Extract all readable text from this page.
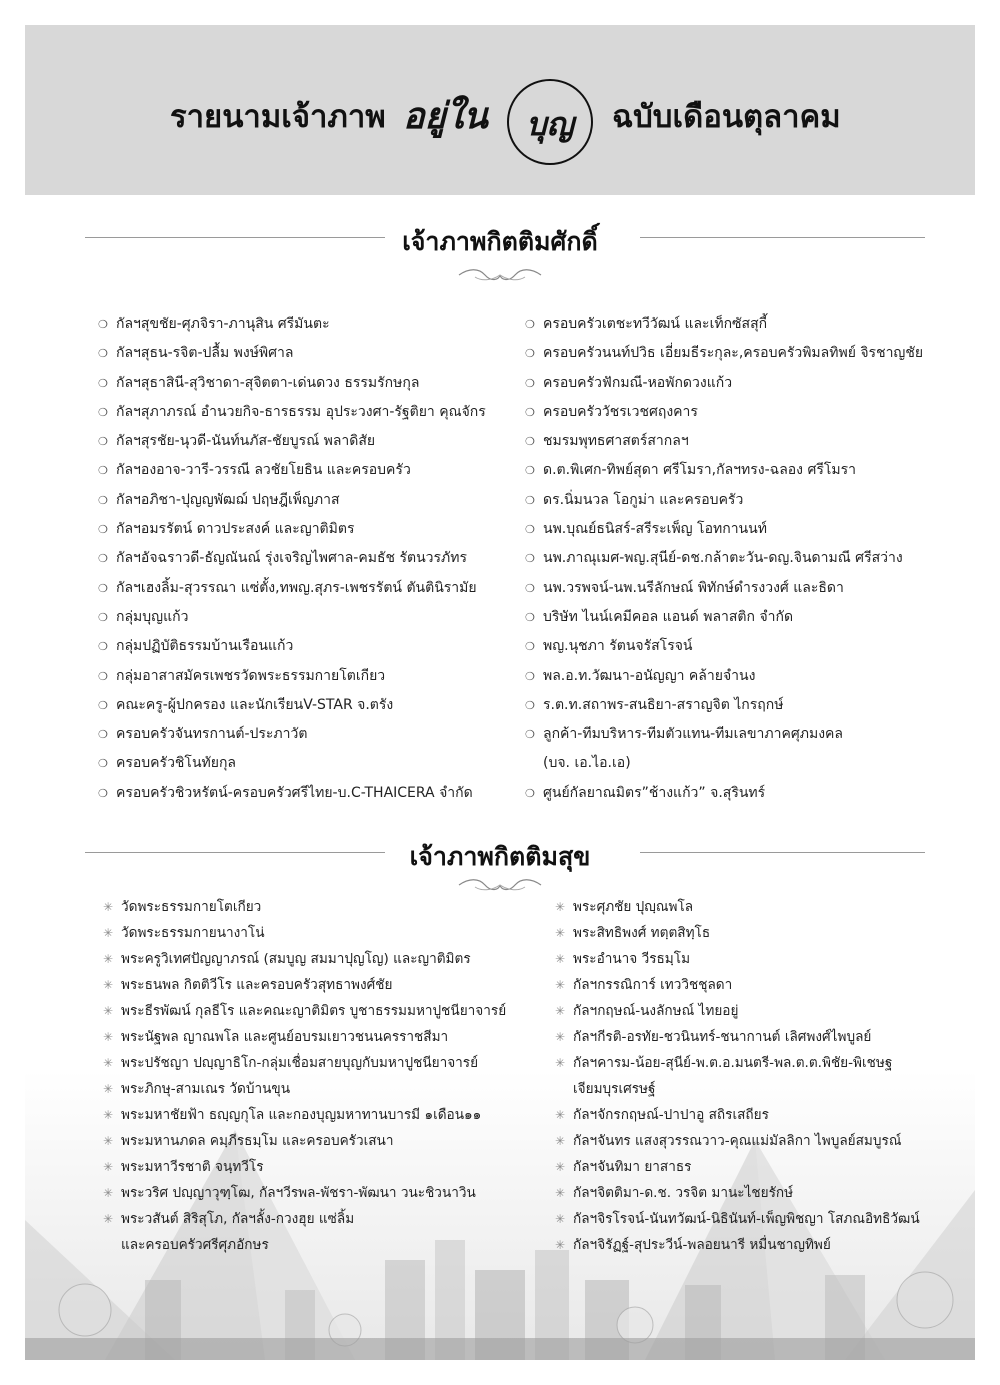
รายนามเจ้าภาพ อยู่ใน	บุญ	ฉบับเดือนตุลาคม
เจ้าภาพกิตติมศักดิ์
❍ กัลฯสุขชัย-ศุภจิรา-ภานุสิน ศรีมันตะ
❍ กัลฯสุธน-รจิต-ปลื้ม พงษ์พิศาล
❍ กัลฯสุธาสินี-สุวิชาดา-สุจิตตา-เด่นดวง ธรรมรักษกุล
❍ กัลฯสุภาภรณ์ อำนวยกิจ-ธารธรรม อุประวงศา-รัฐติยา คุณจักร
❍ กัลฯสุรชัย-นุวดี-นันท์นภัส-ชัยบูรณ์ พลาดิสัย
❍ กัลฯองอาจ-วารี-วรรณี ลวชัยโยธิน และครอบครัว
❍ กัลฯอภิชา-ปุญญพัฒฌ์ ปฤษฎีเพ็ญภาส
❍ กัลฯอมรรัตน์ ดาวประสงค์ และญาติมิตร
❍ กัลฯอัจฉราวดี-ธัญณันณ์ รุ่งเจริญไพศาล-คมธัช รัตนวรภัทร
❍ กัลฯเฮงลิ้ม-สุวรรณา แซ่ตั้ง,ทพญ.สุภร-เพชรรัตน์ ตันตินิรามัย
❍ กลุ่มบุญแก้ว
❍ กลุ่มปฏิบัติธรรมบ้านเรือนแก้ว
❍ กลุ่มอาสาสมัครเพชรวัดพระธรรมกายโตเกียว
❍ คณะครู-ผู้ปกครอง และนักเรียนV-STAR จ.ตรัง
❍ ครอบครัวจันทรกานต์-ประภาวัต
❍ ครอบครัวชิโนทัยกุล
❍ ครอบครัวชิวหรัตน์-ครอบครัวศรีไทย-บ.C-THAICERA จำกัด
❍ ครอบครัวเตชะทวีวัฒน์ และเท็กซัสสุกี้
❍ ครอบครัวนนท์ปวิธ เอี่ยมธีระกุละ,ครอบครัวพิมลทิพย์ จิรชาญชัย
❍ ครอบครัวฟักมณี-หอพักดวงแก้ว
❍ ครอบครัววัชรเวชศฤงคาร
❍ ชมรมพุทธศาสตร์สากลฯ
❍ ด.ต.พิเศก-ทิพย์สุดา ศรีโมรา,กัลฯทรง-ฉลอง ศรีโมรา
❍ ดร.นิ่มนวล โอกูม่า และครอบครัว
❍ นพ.บุณย์ธนิสร์-สรีระเพ็ญ โอทกานนท์
❍ นพ.ภาณุเมศ-พญ.สุนีย์-ดช.กล้าตะวัน-ดญ.จินดามณี ศรีสว่าง
❍ นพ.วรพจน์-นพ.นรีลักษณ์ พิทักษ์ดำรงวงศ์ และธิดา
❍ บริษัท ไนน์เคมีคอล แอนด์ พลาสติก จำกัด
❍ พญ.นุชภา รัตนจรัสโรจน์
❍ พล.อ.ท.วัฒนา-อนัญญา คล้ายจำนง
❍ ร.ต.ท.สถาพร-สนธิยา-สราญจิต ไกรฤกษ์
❍ ลูกค้า-ทีมบริหาร-ทีมตัวแทน-ทีมเลขาภาคศุภมงคล
(บจ. เอ.ไอ.เอ)
❍ ศูนย์กัลยาณมิตร”ช้างแก้ว” จ.สุรินทร์
เจ้าภาพกิตติมสุข
✳ วัดพระธรรมกายโตเกียว
✳ วัดพระธรรมกายนางาโน่
✳ พระครูวิเทศปัญญาภรณ์ (สมบูญ สมมาปุญโญ) และญาติมิตร
✳ พระธนพล กิตติวีโร และครอบครัวสุทธาพงศ์ชัย
✳ พระธีรพัฒน์ กุลธีโร และคณะญาติมิตร บูชาธรรมมหาปูชนียาจารย์
✳ พระนัฐพล ญาณพโล และศูนย์อบรมเยาวชนนครราชสีมา
✳ พระปรัชญา ปญฺญาธิโก-กลุ่มเชื่อมสายบุญกับมหาปูชนียาจารย์
✳ พระภิกษุ-สามเณร วัดบ้านขุน
✳ พระมหาชัยฟ้า ธญฺญกุโล และกองบุญมหาทานบารมี ๑เดือน๑๑
✳ พระมหานภดล คมฺภีรธมฺโม และครอบครัวเสนา
✳ พระมหาวีรชาติ จนฺทวีโร
✳ พระวริศ ปญฺญาวุฑฺโฒ, กัลฯวีรพล-พัชรา-พัฒนา วนะชิวนาวิน
✳ พระวสันต์ สิริสุโภ, กัลฯลั้ง-กวงฮุย แซ่ลิ้ม
และครอบครัวศรีศุภอักษร
✳ พระศุภชัย ปุญฺณพโล
✳ พระสิทธิพงศ์ ทตฺตสิทฺโธ
✳ พระอำนาจ วีรธมฺโม
✳ กัลฯกรรณิการ์ เทววิชชุลดา
✳ กัลฯกฤษณ์-นงลักษณ์ ไทยอยู่
✳ กัลฯกีรติ-อรทัย-ชวนินทร์-ชนากานต์ เลิศพงศ์ไพบูลย์
✳ กัลฯคารม-น้อย-สุนีย์-พ.ต.อ.มนตรี-พล.ต.ต.พิชัย-พิเชษฐ
เจียมบุรเศรษฐ์
✳ กัลฯจักรกฤษณ์-ปาปาอู สถิรเสถียร
✳ กัลฯจันทร แสงสุวรรณวาว-คุณแม่มัลลิกา ไพบูลย์สมบูรณ์
✳ กัลฯจันทิมา ยาสาธร
✳ กัลฯจิตติมา-ด.ช. วรจิต มานะไชยรักษ์
✳ กัลฯจิรโรจน์-นันทวัฒน์-นิธินันท์-เพ็ญพิชญา โสภณอิทธิวัฒน์
✳ กัลฯจิรัฏฐ์-สุประวีน์-พลอยนารี หมื่นชาญทิพย์
